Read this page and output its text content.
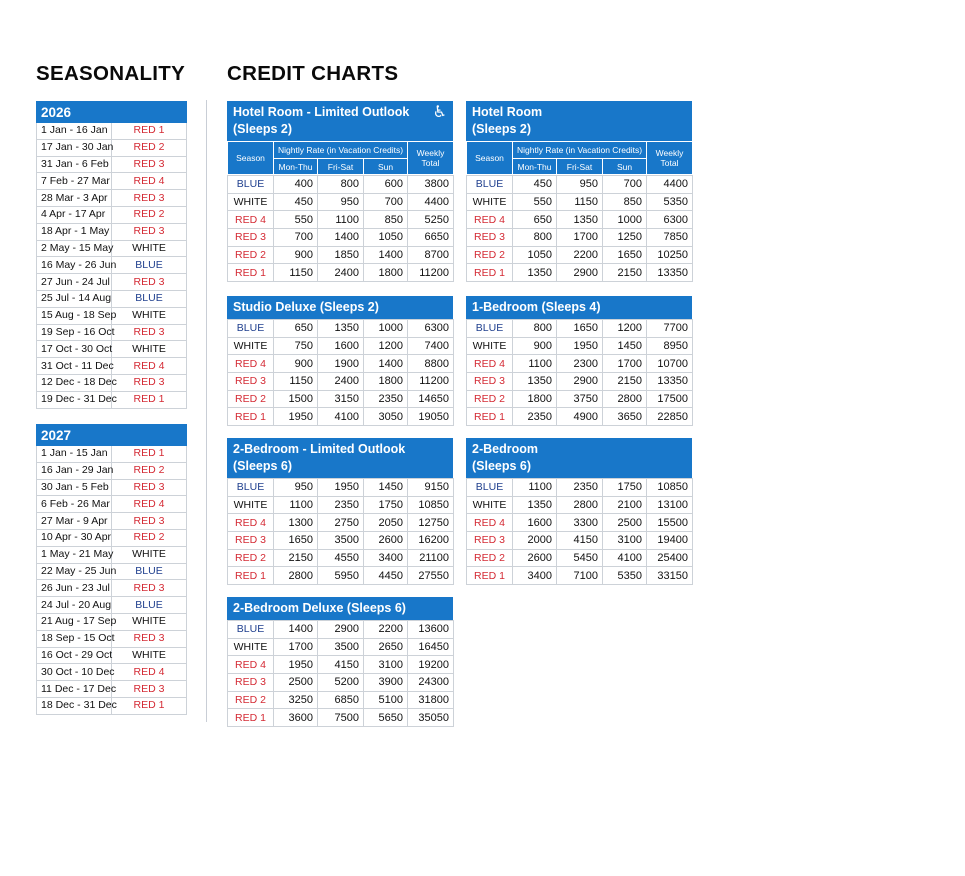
SEASONALITY CREDIT CHARTS
2026	
1 Jan - 16 Jan	RED 1
17 Jan - 30 Jan	RED 2
31 Jan - 6 Feb	RED 3
7 Feb - 27 Mar	RED 4
28 Mar - 3 Apr	RED 3
4 Apr - 17 Apr	RED 2
18 Apr - 1 May	RED 3
2 May - 15 May	WHITE
16 May - 26 Jun	BLUE
27 Jun - 24 Jul	RED 3
25 Jul - 14 Aug	BLUE
15 Aug - 18 Sep	WHITE
19 Sep - 16 Oct	RED 3
17 Oct - 30 Oct	WHITE
31 Oct - 11 Dec	RED 4
12 Dec - 18 Dec	RED 3
19 Dec - 31 Dec	RED 1
2027	
1 Jan - 15 Jan	RED 1
16 Jan - 29 Jan	RED 2
30 Jan - 5 Feb	RED 3
6 Feb - 26 Mar	RED 4
27 Mar - 9 Apr	RED 3
10 Apr - 30 Apr	RED 2
1 May - 21 May	WHITE
22 May - 25 Jun	BLUE
26 Jun - 23 Jul	RED 3
24 Jul - 20 Aug	BLUE
21 Aug - 17 Sep	WHITE
18 Sep - 15 Oct	RED 3
16 Oct - 29 Oct	WHITE
30 Oct - 10 Dec	RED 4
11 Dec - 17 Dec	RED 3
18 Dec - 31 Dec	RED 1
Hotel Room - Limited Outlook
(Sleeps 2)
♿
Season	Nightly Rate (in Vacation Credits)			Weekly Total
	Mon-Thu	Fri-Sat	Sun	
BLUE	400	800	600	3800
WHITE	450	950	700	4400
RED 4	550	1100	850	5250
RED 3	700	1400	1050	6650
RED 2	900	1850	1400	8700
RED 1	1150	2400	1800	11200
Hotel Room
(Sleeps 2)
Season	Nightly Rate (in Vacation Credits)			Weekly Total
	Mon-Thu	Fri-Sat	Sun	
BLUE	450	950	700	4400
WHITE	550	1150	850	5350
RED 4	650	1350	1000	6300
RED 3	800	1700	1250	7850
RED 2	1050	2200	1650	10250
RED 1	1350	2900	2150	13350
Studio Deluxe (Sleeps 2)
BLUE	650	1350	1000	6300
WHITE	750	1600	1200	7400
RED 4	900	1900	1400	8800
RED 3	1150	2400	1800	11200
RED 2	1500	3150	2350	14650
RED 1	1950	4100	3050	19050
1-Bedroom (Sleeps 4)
BLUE	800	1650	1200	7700
WHITE	900	1950	1450	8950
RED 4	1100	2300	1700	10700
RED 3	1350	2900	2150	13350
RED 2	1800	3750	2800	17500
RED 1	2350	4900	3650	22850
2-Bedroom - Limited Outlook
(Sleeps 6)
BLUE	950	1950	1450	9150
WHITE	1100	2350	1750	10850
RED 4	1300	2750	2050	12750
RED 3	1650	3500	2600	16200
RED 2	2150	4550	3400	21100
RED 1	2800	5950	4450	27550
2-Bedroom
(Sleeps 6)
BLUE	1100	2350	1750	10850
WHITE	1350	2800	2100	13100
RED 4	1600	3300	2500	15500
RED 3	2000	4150	3100	19400
RED 2	2600	5450	4100	25400
RED 1	3400	7100	5350	33150
2-Bedroom Deluxe (Sleeps 6)
BLUE	1400	2900	2200	13600
WHITE	1700	3500	2650	16450
RED 4	1950	4150	3100	19200
RED 3	2500	5200	3900	24300
RED 2	3250	6850	5100	31800
RED 1	3600	7500	5650	35050
